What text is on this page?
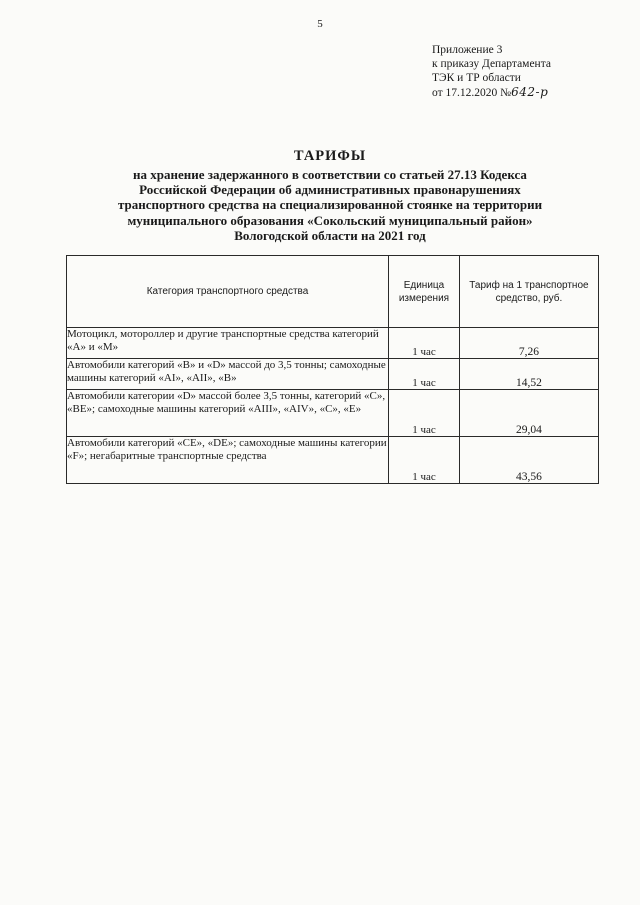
5
Приложение 3
к приказу Департамента
ТЭК и ТР области
от 17.12.2020 №642-р
ТАРИФЫ
на хранение задержанного в соответствии со статьей 27.13 Кодекса
Российской Федерации об административных правонарушениях
транспортного средства на специализированной стоянке на территории
муниципального образования «Сокольский муниципальный район»
Вологодской области на 2021 год
Категория транспортного средства	Единица измерения	Тариф на 1 транспортное средство, руб.
Мотоцикл, мотороллер и другие транспортные средства категорий «А» и «М»	1 час	7,26
Автомобили категорий «В» и «D» массой до 3,5 тонны; самоходные машины категорий «AI», «AII», «В»	1 час	14,52
Автомобили категории «D» массой более 3,5 тонны, категорий «С», «ВЕ»; самоходные машины категорий «AIII», «AIV», «С», «Е»	1 час	29,04
Автомобили категорий «СЕ», «DE»; самоходные машины категории «F»; негабаритные транспортные средства	1 час	43,56
